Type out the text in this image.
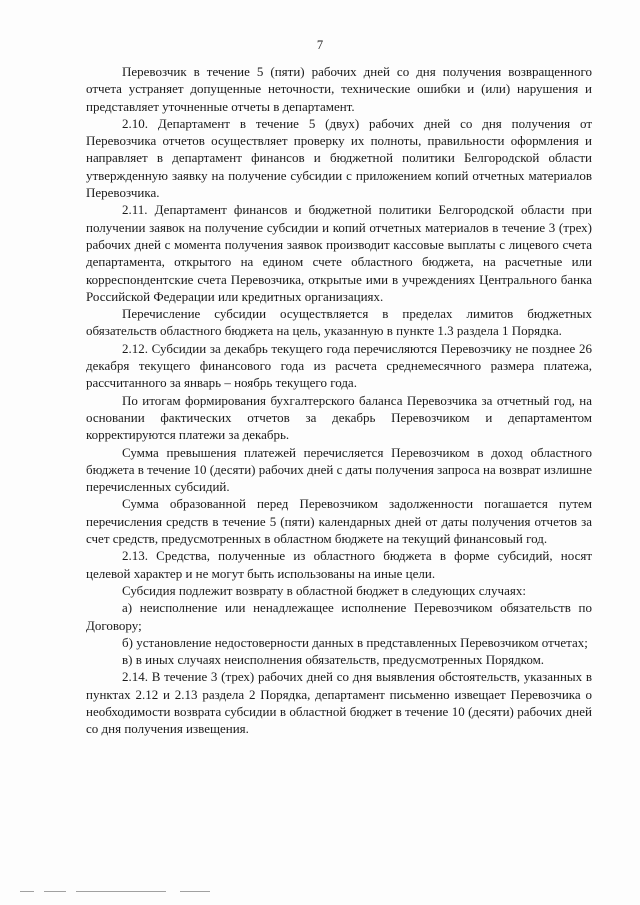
7

Перевозчик в течение 5 (пяти) рабочих дней со дня получения возвращенного отчета устраняет допущенные неточности, технические ошибки и (или) нарушения и представляет уточненные отчеты в департамент.

2.10. Департамент в течение 5 (двух) рабочих дней со дня получения от Перевозчика отчетов осуществляет проверку их полноты, правильности оформления и направляет в департамент финансов и бюджетной политики Белгородской области утвержденную заявку на получение субсидии с приложением копий отчетных материалов Перевозчика.

2.11. Департамент финансов и бюджетной политики Белгородской области при получении заявок на получение субсидии и копий отчетных материалов в течение 3 (трех) рабочих дней с момента получения заявок производит кассовые выплаты с лицевого счета департамента, открытого на едином счете областного бюджета, на расчетные или корреспондентские счета Перевозчика, открытые ими в учреждениях Центрального банка Российской Федерации или кредитных организациях.

Перечисление субсидии осуществляется в пределах лимитов бюджетных обязательств областного бюджета на цель, указанную в пункте 1.3 раздела 1 Порядка.

2.12. Субсидии за декабрь текущего года перечисляются Перевозчику не позднее 26 декабря текущего финансового года из расчета среднемесячного размера платежа, рассчитанного за январь – ноябрь текущего года.

По итогам формирования бухгалтерского баланса Перевозчика за отчетный год, на основании фактических отчетов за декабрь Перевозчиком и департаментом корректируются платежи за декабрь.

Сумма превышения платежей перечисляется Перевозчиком в доход областного бюджета в течение 10 (десяти) рабочих дней с даты получения запроса на возврат излишне перечисленных субсидий.

Сумма образованной перед Перевозчиком задолженности погашается путем перечисления средств в течение 5 (пяти) календарных дней от даты получения отчетов за счет средств, предусмотренных в областном бюджете на текущий финансовый год.

2.13. Средства, полученные из областного бюджета в форме субсидий, носят целевой характер и не могут быть использованы на иные цели.

Субсидия подлежит возврату в областной бюджет в следующих случаях:

а) неисполнение или ненадлежащее исполнение Перевозчиком обязательств по Договору;

б) установление недостоверности данных в представленных Перевозчиком отчетах;

в) в иных случаях неисполнения обязательств, предусмотренных Порядком.

2.14. В течение 3 (трех) рабочих дней со дня выявления обстоятельств, указанных в пунктах 2.12 и 2.13 раздела 2 Порядка, департамент письменно извещает Перевозчика о необходимости возврата субсидии в областной бюджет в течение 10 (десяти) рабочих дней со дня получения извещения.
